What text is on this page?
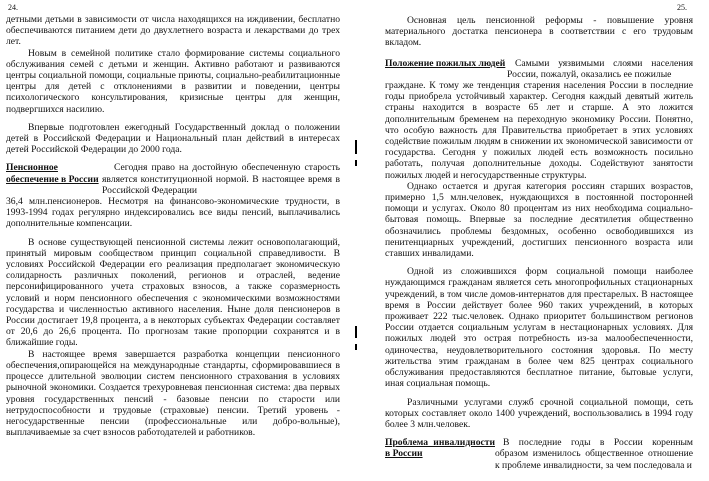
24.

детными детьми в зависимости от числа находящихся на иждивении, бесплатно обеспечиваются питанием дети до двухлетнего возраста и лекарствами до трех лет.

Новым в семейной политике стало формирование системы социального обслуживания семей с детьми и женщин. Активно работают и развиваются центры социальной помощи, социальные приюты, социально-реабилитационные центры для детей с отклонениями в развитии и поведении, центры психологического консультирования, кризисные центры для женщин, подвергшихся насилию.

Впервые подготовлен ежегодный Государственный доклад о положении детей в Российской Федерации и Национальный план действий в интересах детей Российской Федерации до 2000 года.

Пенсионное обеспечение в России

Сегодня право на достойную обеспеченную старость является конституционной нормой. В настоящее время в Российской Федерации

36,4 млн.пенсионеров. Несмотря на финансово-экономические трудности, в 1993-1994 годах регулярно индексировались все виды пенсий, выплачивались дополнительные компенсации.

В основе существующей пенсионной системы лежит основополагающий, принятый мировым сообществом принцип социальной справедливости. В условиях Российской Федерации его реализация предполагает экономическую солидарность различных поколений, регионов и отраслей, ведение персонифицированного учета страховых взносов, а также соразмерность условий и норм пенсионного обеспечения с экономическими возможностями государства и численностью активного населения. Ныне доля пенсионеров в России достигает 19,8 процента, а в некоторых субъектах Федерации составляет от 20,6 до 26,6 процента. По прогнозам такие пропорции сохранятся и в ближайшие годы.

В настоящее время завершается разработка концепции пенсионного обеспечения,опирающейся на международные стандарты, сформировавшиеся в процессе длительной эволюции систем пенсионного страхования в условиях рыночной экономики. Создается трехуровневая пенсионная система: два первых уровня государственных пенсий - базовые пенсии по старости или нетрудоспособности и трудовые (страховые) пенсии. Третий уровень - негосударственные пенсии (профессиональные или добро-вольные), выплачиваемые за счет взносов работодателей и работников.

25.

Основная цель пенсионной реформы - повышение уровня материального достатка пенсионера в соответствии с его трудовым вкладом.

Положение пожилых людей	Самыми уязвимыми слоями населения России, пожалуй, оказались ее пожилые

граждане. К тому же тенденция старения населения России в последние годы приобрела устойчивый характер. Сегодня каждый девятый житель страны находится в возрасте 65 лет и старше. А это ложится дополнительным бременем на переходную экономику России. Понятно, что особую важность для Правительства приобретает в этих условиях содействие пожилым людям в снижении их экономической зависимости от государства. Сегодня у пожилых людей есть возможность посильно работать, получая дополнительные доходы. Содействуют занятости пожилых людей и негосударственные структуры.

Однако остается и другая категория россиян старших возрастов, примерно 1,5 млн.человек, нуждающихся в постоянной посторонней помощи и услугах. Около 80 процентам из них необходима социально-бытовая помощь. Впервые за последние десятилетия общественно обозначились проблемы бездомных, особенно освободившихся из пенитенциарных учреждений, достигших пенсионного возраста или ставших инвалидами.

Одной из сложившихся форм социальной помощи наиболее нуждающимся гражданам является сеть многопрофильных стационарных учреждений, в том числе домов-интернатов для престарелых. В настоящее время в России действует более 960 таких учреждений, в которых проживает 222 тыс.человек. Однако приоритет большинством регионов России отдается социальным услугам в нестационарных условиях. Для пожилых людей это острая потребность из-за малообеспеченности, одиночества, неудовлетворительного состояния здоровья. По месту жительства этим гражданам в более чем 825 центрах социального обслуживания предоставляются бесплатное питание, бытовые услуги, иная социальная помощь.

Различными услугами служб срочной социальной помощи, сеть которых составляет около 1400 учреждений, воспользовались в 1994 году более 3 млн.человек.

Проблема инвалидности в России

В последние годы в России коренным образом изменилось общественное отношение к проблеме инвалидности, за чем последовала и
